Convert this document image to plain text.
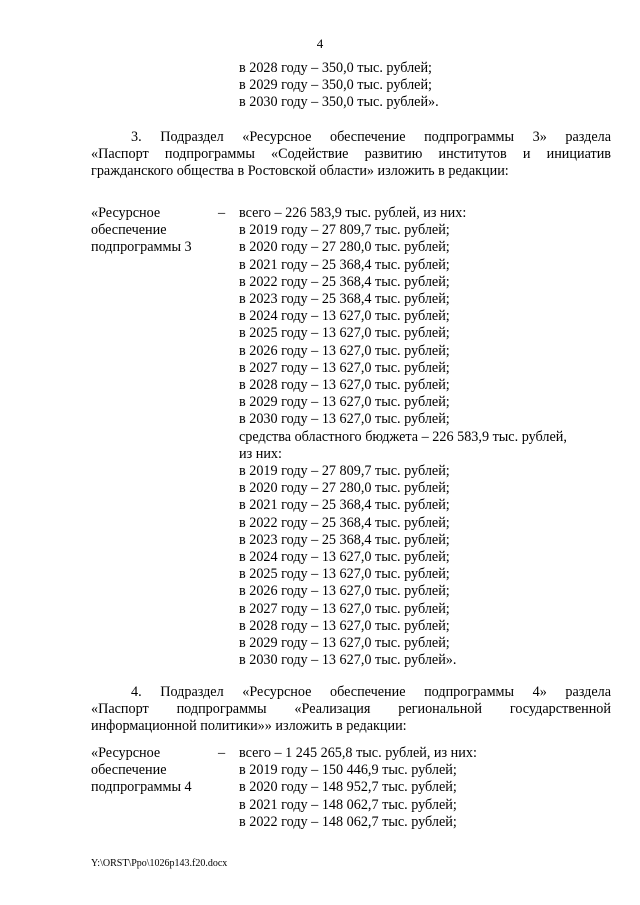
4
в 2028 году – 350,0 тыс. рублей;
в 2029 году – 350,0 тыс. рублей;
в 2030 году – 350,0 тыс. рублей».
3. Подраздел «Ресурсное обеспечение подпрограммы 3» раздела
«Паспорт подпрограммы «Содействие развитию институтов и инициатив
гражданского общества в Ростовской области» изложить в редакции:
«Ресурсное
обеспечение
подпрограммы 3
– всего – 226 583,9 тыс. рублей, из них:
в 2019 году – 27 809,7 тыс. рублей;
в 2020 году – 27 280,0 тыс. рублей;
в 2021 году – 25 368,4 тыс. рублей;
в 2022 году – 25 368,4 тыс. рублей;
в 2023 году – 25 368,4 тыс. рублей;
в 2024 году – 13 627,0 тыс. рублей;
в 2025 году – 13 627,0 тыс. рублей;
в 2026 году – 13 627,0 тыс. рублей;
в 2027 году – 13 627,0 тыс. рублей;
в 2028 году – 13 627,0 тыс. рублей;
в 2029 году – 13 627,0 тыс. рублей;
в 2030 году – 13 627,0 тыс. рублей;
средства областного бюджета – 226 583,9 тыс. рублей,
из них:
в 2019 году – 27 809,7 тыс. рублей;
в 2020 году – 27 280,0 тыс. рублей;
в 2021 году – 25 368,4 тыс. рублей;
в 2022 году – 25 368,4 тыс. рублей;
в 2023 году – 25 368,4 тыс. рублей;
в 2024 году – 13 627,0 тыс. рублей;
в 2025 году – 13 627,0 тыс. рублей;
в 2026 году – 13 627,0 тыс. рублей;
в 2027 году – 13 627,0 тыс. рублей;
в 2028 году – 13 627,0 тыс. рублей;
в 2029 году – 13 627,0 тыс. рублей;
в 2030 году – 13 627,0 тыс. рублей».
4. Подраздел «Ресурсное обеспечение подпрограммы 4» раздела
«Паспорт подпрограммы «Реализация региональной государственной
информационной политики»» изложить в редакции:
«Ресурсное
обеспечение
подпрограммы 4
– всего – 1 245 265,8 тыс. рублей, из них:
в 2019 году – 150 446,9 тыс. рублей;
в 2020 году – 148 952,7 тыс. рублей;
в 2021 году – 148 062,7 тыс. рублей;
в 2022 году – 148 062,7 тыс. рублей;
Y:\ORST\Ppo\1026p143.f20.docx
